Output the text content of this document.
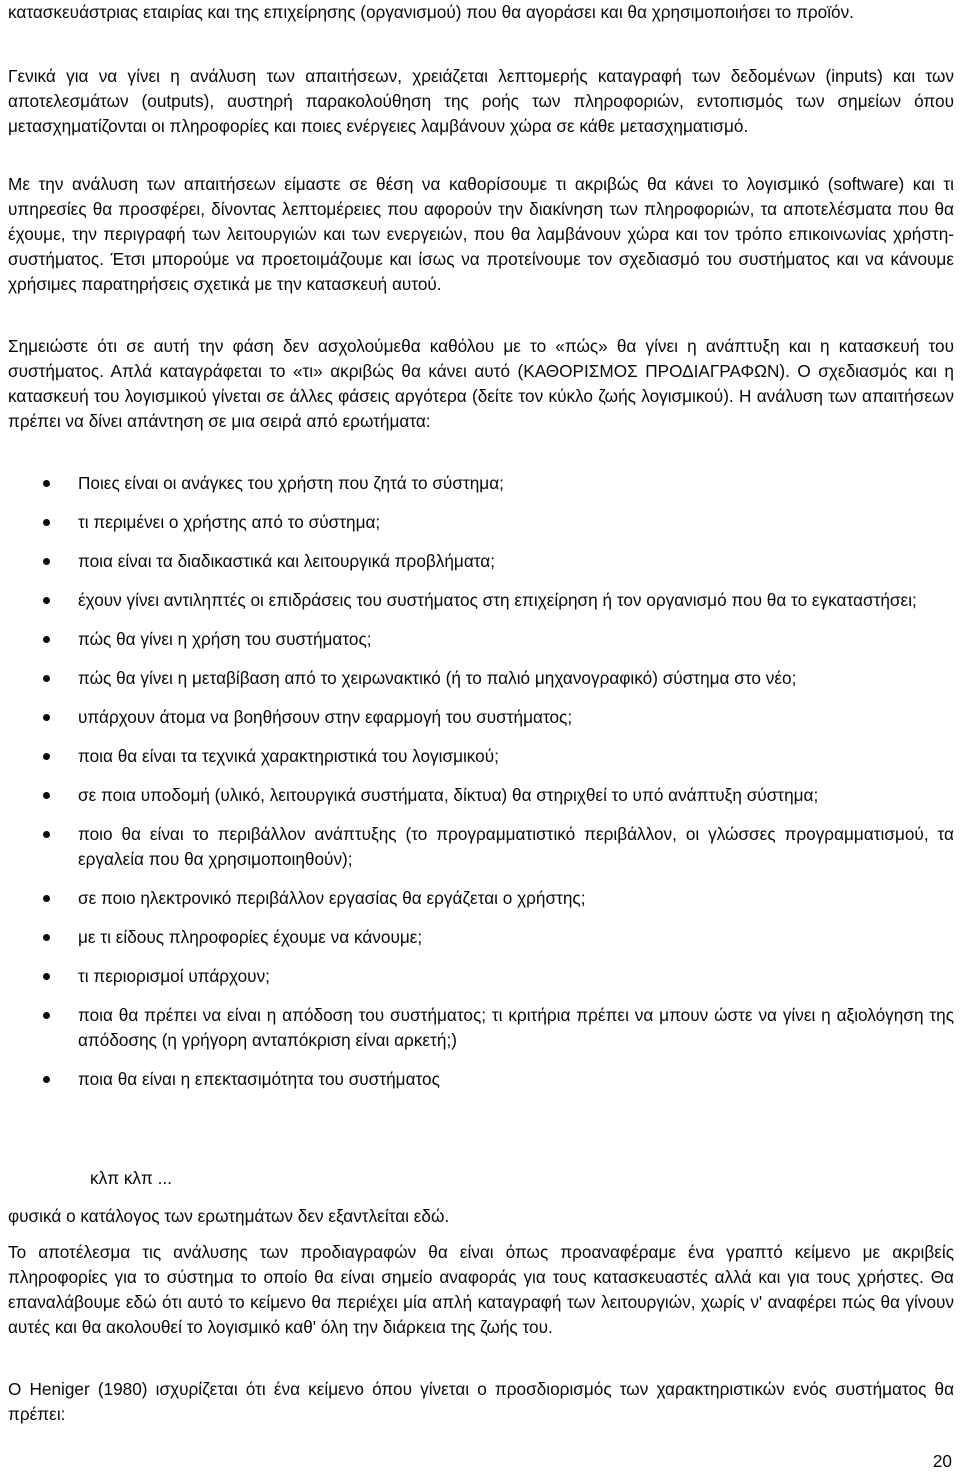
κατασκευάστριας εταιρίας και της επιχείρησης (οργανισμού) που θα αγοράσει και θα χρησιμοποιήσει το προϊόν.

Γενικά για να γίνει η ανάλυση των απαιτήσεων, χρειάζεται λεπτομερής καταγραφή των δεδομένων (inputs) και των αποτελεσμάτων (outputs), αυστηρή παρακολούθηση της ροής των πληροφοριών, εντοπισμός των σημείων όπου μετασχηματίζονται οι πληροφορίες και ποιες ενέργειες λαμβάνουν χώρα σε κάθε μετασχηματισμό.

Με την ανάλυση των απαιτήσεων είμαστε σε θέση να καθορίσουμε τι ακριβώς θα κάνει το λογισμικό (software) και τι υπηρεσίες θα προσφέρει, δίνοντας λεπτομέρειες που αφορούν την διακίνηση των πληροφοριών, τα αποτελέσματα που θα έχουμε, την περιγραφή των λειτουργιών και των ενεργειών, που θα λαμβάνουν χώρα και τον τρόπο επικοινωνίας χρήστη-συστήματος. Έτσι μπορούμε να προετοιμάζουμε και ίσως να προτείνουμε τον σχεδιασμό του συστήματος και να κάνουμε χρήσιμες παρατηρήσεις σχετικά με την κατασκευή αυτού.

Σημειώστε ότι σε αυτή την φάση δεν ασχολούμεθα καθόλου με το «πώς» θα γίνει η ανάπτυξη και η κατασκευή του συστήματος. Απλά καταγράφεται το «τι» ακριβώς θα κάνει αυτό (ΚΑΘΟΡΙΣΜΟΣ ΠΡΟΔΙΑΓΡΑΦΩΝ). Ο σχεδιασμός και η κατασκευή του λογισμικού γίνεται σε άλλες φάσεις αργότερα (δείτε τον κύκλο ζωής λογισμικού). Η ανάλυση των απαιτήσεων πρέπει να δίνει απάντηση σε μια σειρά από ερωτήματα:

Ποιες είναι οι ανάγκες του χρήστη που ζητά το σύστημα;
τι περιμένει ο χρήστης από το σύστημα;
ποια είναι τα διαδικαστικά και λειτουργικά προβλήματα;
έχουν γίνει αντιληπτές οι επιδράσεις του συστήματος στη επιχείρηση ή τον οργανισμό που θα το εγκαταστήσει;
πώς θα γίνει η χρήση του συστήματος;
πώς θα γίνει η μεταβίβαση από το χειρωνακτικό (ή το παλιό μηχανογραφικό) σύστημα στο νέο;
υπάρχουν άτομα να βοηθήσουν στην εφαρμογή του συστήματος;
ποια θα είναι τα τεχνικά χαρακτηριστικά του λογισμικού;
σε ποια υποδομή (υλικό, λειτουργικά συστήματα, δίκτυα) θα στηριχθεί το υπό ανάπτυξη σύστημα;
ποιο θα είναι το περιβάλλον ανάπτυξης (το προγραμματιστικό περιβάλλον, οι γλώσσες προγραμματισμού, τα εργαλεία που θα χρησιμοποιηθούν);
σε ποιο ηλεκτρονικό περιβάλλον εργασίας θα εργάζεται ο χρήστης;
με τι είδους πληροφορίες έχουμε να κάνουμε;
τι περιορισμοί υπάρχουν;
ποια θα πρέπει να είναι η απόδοση του συστήματος; τι κριτήρια πρέπει να μπουν ώστε να γίνει η αξιολόγηση της απόδοσης (η γρήγορη ανταπόκριση είναι αρκετή;)
ποια θα είναι η επεκτασιμότητα του συστήματος
κλπ κλπ ...

φυσικά ο κατάλογος των ερωτημάτων δεν εξαντλείται εδώ.

Το αποτέλεσμα τις ανάλυσης των προδιαγραφών θα είναι όπως προαναφέραμε ένα γραπτό κείμενο με ακριβείς πληροφορίες για το σύστημα το οποίο θα είναι σημείο αναφοράς για τους κατασκευαστές αλλά και για τους χρήστες. Θα επαναλάβουμε εδώ ότι αυτό το κείμενο θα περιέχει μία απλή καταγραφή των λειτουργιών, χωρίς ν' αναφέρει πώς θα γίνουν αυτές και θα ακολουθεί το λογισμικό καθ' όλη την διάρκεια της ζωής του.

Ο Heniger (1980) ισχυρίζεται ότι ένα κείμενο όπου γίνεται ο προσδιορισμός των χαρακτηριστικών ενός συστήματος θα πρέπει:

20
